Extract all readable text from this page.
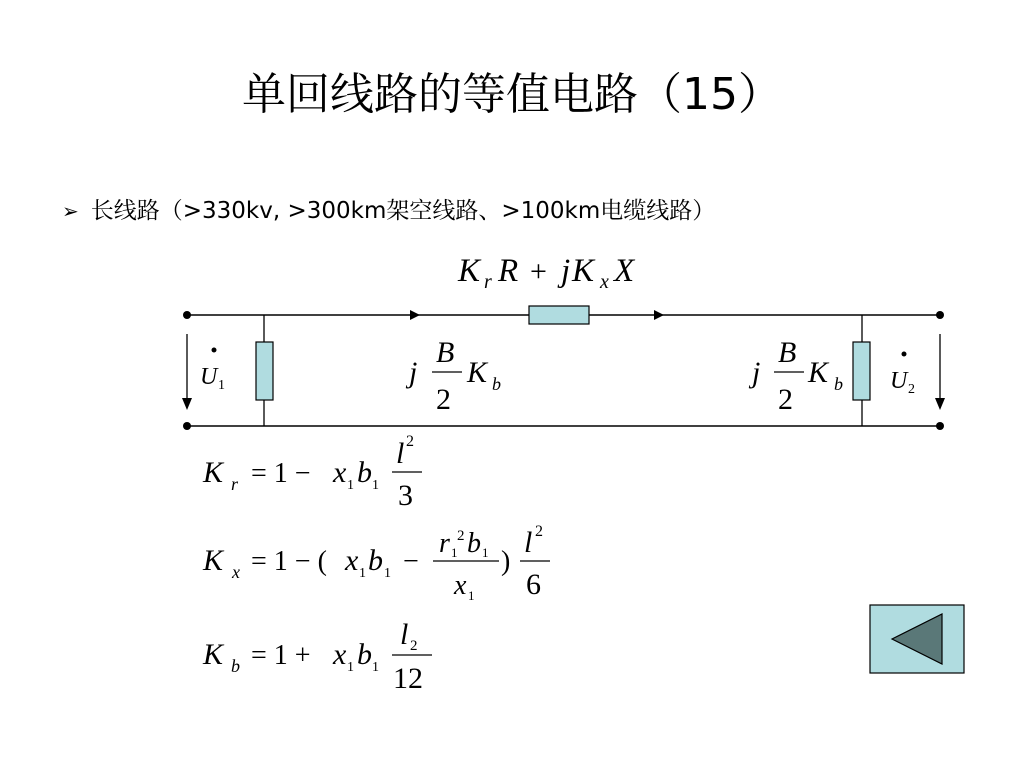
单回线路的等值电路（15）
➢ 长线路（>330kv, >300km架空线路、>100km电缆线路）
K r R + j K x X
U 1	U 2
j
B
2
K b	j
B
2
K b
K r = 1 − x 1 b 1
l 2
3
K x = 1 − ( x 1 b 1 −
r 1
2 b 1
x 1
)
l 2
6
K b = 1 + x 1 b 1
l 2
12
